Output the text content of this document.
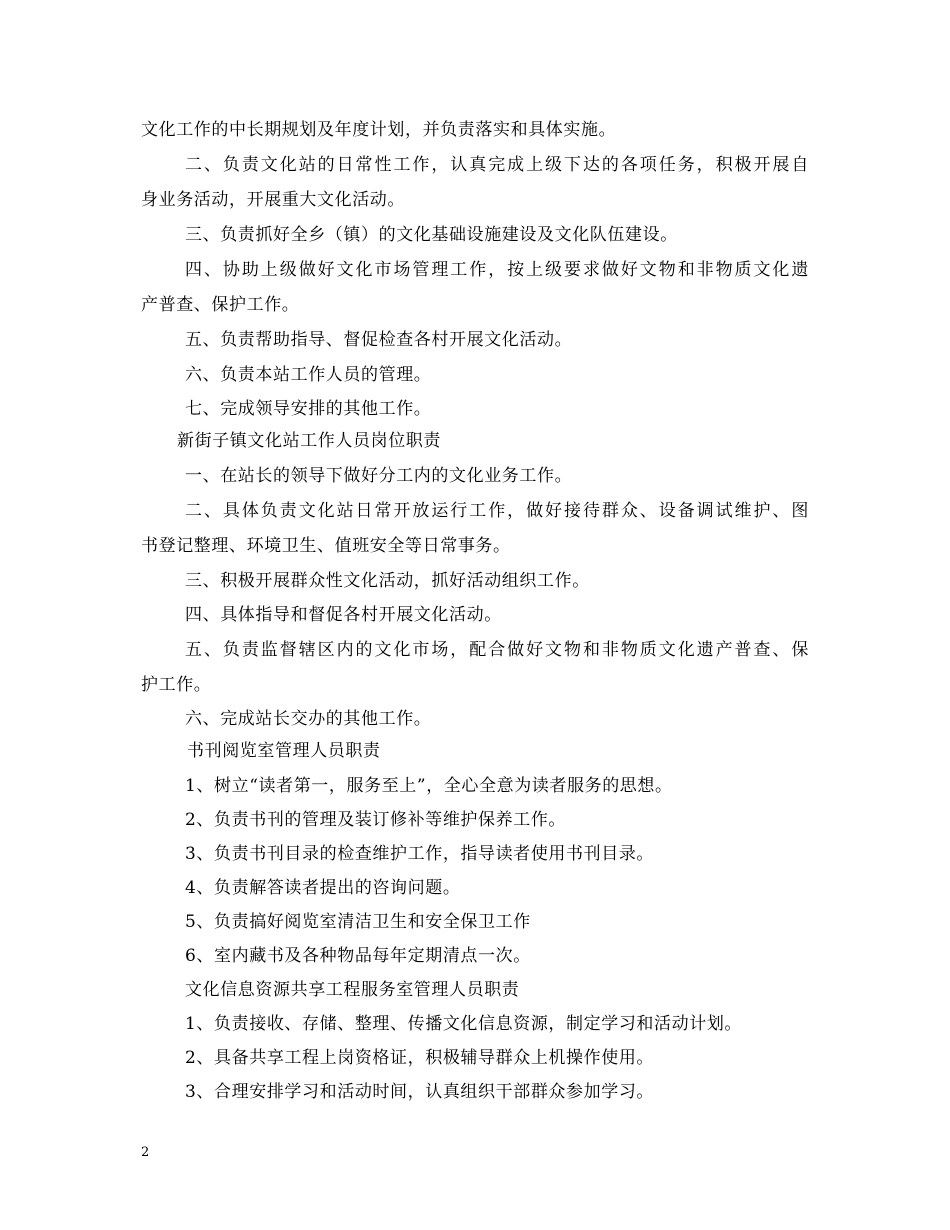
文化工作的中长期规划及年度计划，并负责落实和具体实施。
二、负责文化站的日常性工作，认真完成上级下达的各项任务，积极开展自
身业务活动，开展重大文化活动。
三、负责抓好全乡（镇）的文化基础设施建设及文化队伍建设。
四、协助上级做好文化市场管理工作，按上级要求做好文物和非物质文化遗
产普查、保护工作。
五、负责帮助指导、督促检查各村开展文化活动。
六、负责本站工作人员的管理。
七、完成领导安排的其他工作。
新街子镇文化站工作人员岗位职责
一、在站长的领导下做好分工内的文化业务工作。
二、具体负责文化站日常开放运行工作，做好接待群众、设备调试维护、图
书登记整理、环境卫生、值班安全等日常事务。
三、积极开展群众性文化活动，抓好活动组织工作。
四、具体指导和督促各村开展文化活动。
五、负责监督辖区内的文化市场，配合做好文物和非物质文化遗产普查、保
护工作。
六、完成站长交办的其他工作。
书刊阅览室管理人员职责
1、树立“读者第一，服务至上”，全心全意为读者服务的思想。
2、负责书刊的管理及装订修补等维护保养工作。
3、负责书刊目录的检查维护工作，指导读者使用书刊目录。
4、负责解答读者提出的咨询问题。
5、负责搞好阅览室清洁卫生和安全保卫工作
6、室内藏书及各种物品每年定期清点一次。
文化信息资源共享工程服务室管理人员职责
1、负责接收、存储、整理、传播文化信息资源，制定学习和活动计划。
2、具备共享工程上岗资格证，积极辅导群众上机操作使用。
3、合理安排学习和活动时间，认真组织干部群众参加学习。
2
